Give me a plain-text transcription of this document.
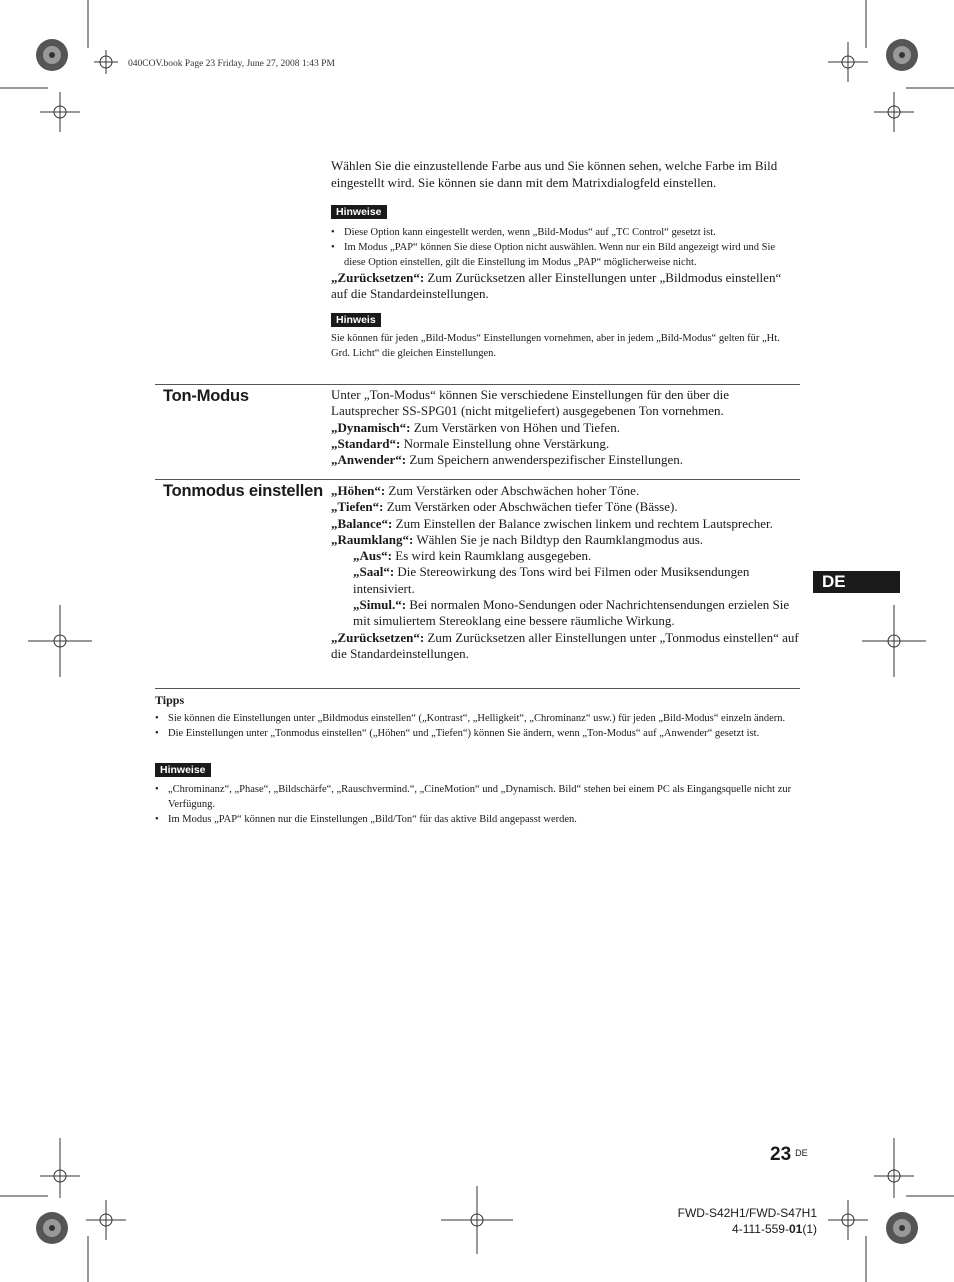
040COV.book Page 23 Friday, June 27, 2008 1:43 PM

Wählen Sie die einzustellende Farbe aus und Sie können sehen, welche Farbe im Bild eingestellt wird. Sie können sie dann mit dem Matrixdialogfeld einstellen.

Hinweise
• Diese Option kann eingestellt werden, wenn „Bild-Modus“ auf „TC Control“ gesetzt ist.
• Im Modus „PAP“ können Sie diese Option nicht auswählen. Wenn nur ein Bild angezeigt wird und Sie diese Option einstellen, gilt die Einstellung im Modus „PAP“ möglicherweise nicht.

„Zurücksetzen“: Zum Zurücksetzen aller Einstellungen unter „Bildmodus einstellen“ auf die Standardeinstellungen.

Hinweis

Sie können für jeden „Bild-Modus“ Einstellungen vornehmen, aber in jedem „Bild-Modus“ gelten für „Ht. Grd. Licht“ die gleichen Einstellungen.

Ton-Modus	Unter „Ton-Modus“ können Sie verschiedene Einstellungen für den über die Lautsprecher SS-SPG01 (nicht mitgeliefert) ausgegebenen Ton vornehmen.

„Dynamisch“: Zum Verstärken von Höhen und Tiefen.

„Standard“: Normale Einstellung ohne Verstärkung.

„Anwender“: Zum Speichern anwenderspezifischer Einstellungen.

Tonmodus einstellen „Höhen“: Zum Verstärken oder Abschwächen hoher Töne.

„Tiefen“: Zum Verstärken oder Abschwächen tiefer Töne (Bässe).

„Balance“: Zum Einstellen der Balance zwischen linkem und rechtem Lautsprecher.

„Raumklang“: Wählen Sie je nach Bildtyp den Raumklangmodus aus.

„Aus“: Es wird kein Raumklang ausgegeben.

„Saal“: Die Stereowirkung des Tons wird bei Filmen oder Musiksendungen intensiviert.

„Simul.“: Bei normalen Mono-Sendungen oder Nachrichtensendungen erzielen Sie mit simuliertem Stereoklang eine bessere räumliche Wirkung.

„Zurücksetzen“: Zum Zurücksetzen aller Einstellungen unter „Tonmodus einstellen“ auf die Standardeinstellungen.

Tipps

• Sie können die Einstellungen unter „Bildmodus einstellen“ („Kontrast“, „Helligkeit“, „Chrominanz“ usw.) für jeden „Bild-Modus“ einzeln ändern.
• Die Einstellungen unter „Tonmodus einstellen“ („Höhen“ und „Tiefen“) können Sie ändern, wenn „Ton-Modus“ auf „Anwender“ gesetzt ist.
Hinweise
• „Chrominanz“, „Phase“, „Bildschärfe“, „Rauschvermind.“, „CineMotion“ und „Dynamisch. Bild“ stehen bei einem PC als Eingangsquelle nicht zur Verfügung.
• Im Modus „PAP“ können nur die Einstellungen „Bild/Ton“ für das aktive Bild angepasst werden.
DE
23 $^{DE}$
FWD-S42H1/FWD-S47H1
4-111-559-01(1)
